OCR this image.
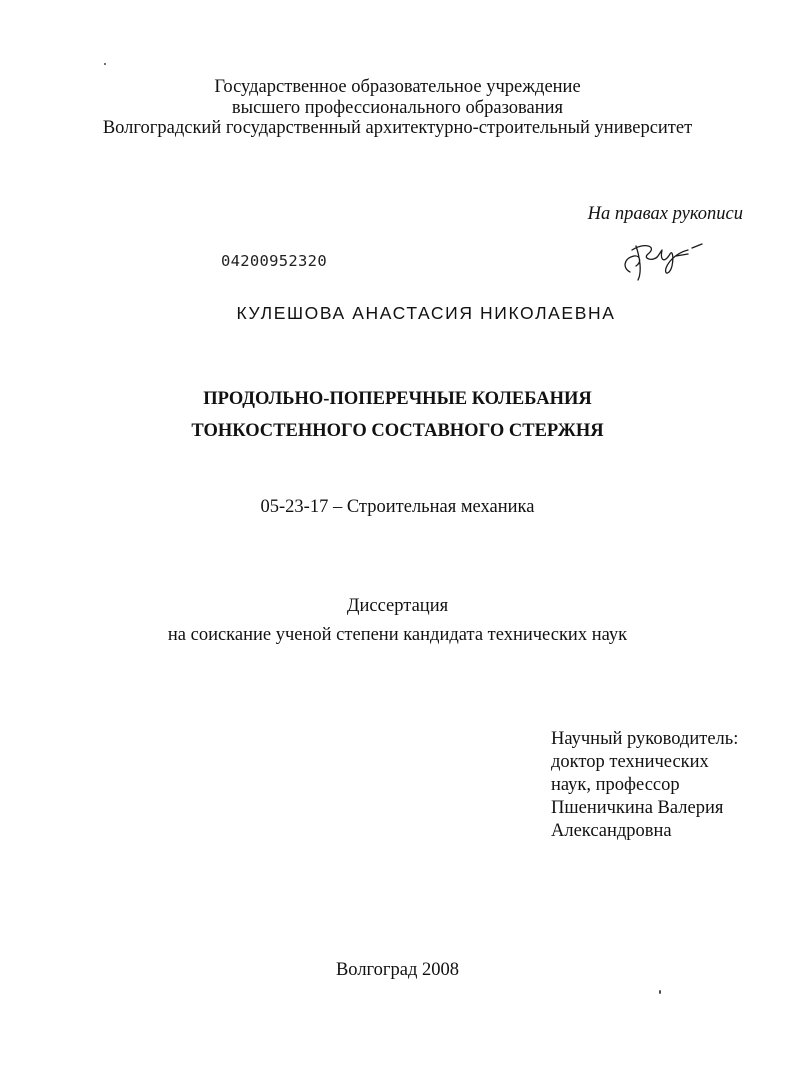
Государственное образовательное учреждение
высшего профессионального образования
Волгоградский государственный архитектурно-строительный университет
На правах рукописи
04200952320
КУЛЕШОВА АНАСТАСИЯ НИКОЛАЕВНА
ПРОДОЛЬНО-ПОПЕРЕЧНЫЕ КОЛЕБАНИЯ
ТОНКОСТЕННОГО СОСТАВНОГО СТЕРЖНЯ
05-23-17 – Строительная механика
Диссертация
на соискание ученой степени кандидата технических наук
Научный руководитель:
доктор технических
наук, профессор
Пшеничкина Валерия
Александровна
Волгоград 2008
